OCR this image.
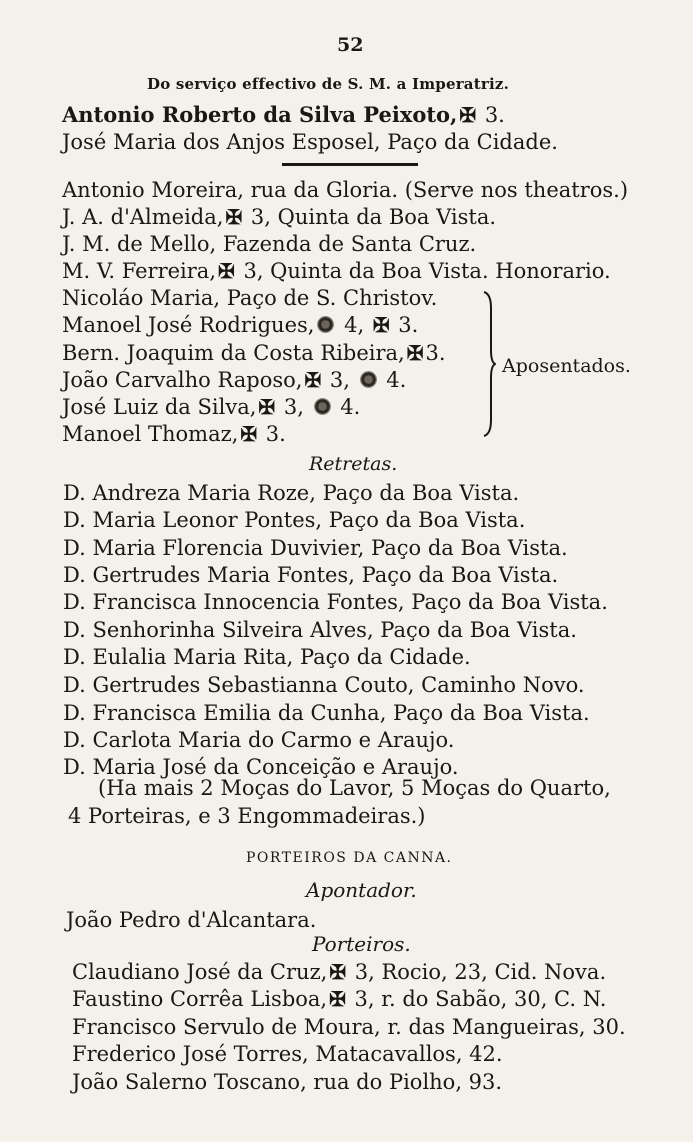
52
Do serviço effectivo de S. M. a Imperatriz.
Antonio Roberto da Silva Peixoto, ✠ 3.
José Maria dos Anjos Esposel, Paço da Cidade.
Antonio Moreira, rua da Gloria. (Serve nos theatros.)
J. A. d'Almeida, ✠ 3, Quinta da Boa Vista.
J. M. de Mello, Fazenda de Santa Cruz.
M. V. Ferreira, ✠ 3, Quinta da Boa Vista. Honorario.
Nicoláo Maria, Paço de S. Christov.
Manoel José Rodrigues, 4, ✠ 3.
Bern. Joaquim da Costa Ribeira, ✠3.
João Carvalho Raposo, ✠ 3,  4.
José Luiz da Silva, ✠ 3,  4.
Manoel Thomaz, ✠ 3.
Aposentados.
Retretas.
D. Andreza Maria Roze, Paço da Boa Vista.
D. Maria Leonor Pontes, Paço da Boa Vista.
D. Maria Florencia Duvivier, Paço da Boa Vista.
D. Gertrudes Maria Fontes, Paço da Boa Vista.
D. Francisca Innocencia Fontes, Paço da Boa Vista.
D. Senhorinha Silveira Alves, Paço da Boa Vista.
D. Eulalia Maria Rita, Paço da Cidade.
D. Gertrudes Sebastianna Couto, Caminho Novo.
D. Francisca Emilia da Cunha, Paço da Boa Vista.
D. Carlota Maria do Carmo e Araujo.
D. Maria José da Conceição e Araujo.
(Ha mais 2 Moças do Lavor, 5 Moças do Quarto,
4 Porteiras, e 3 Engommadeiras.)
PORTEIROS DA CANNA.
Apontador.
João Pedro d'Alcantara.
Porteiros.
Claudiano José da Cruz, ✠ 3, Rocio, 23, Cid. Nova.
Faustino Corrêa Lisboa, ✠ 3, r. do Sabão, 30, C. N.
Francisco Servulo de Moura, r. das Mangueiras, 30.
Frederico José Torres, Matacavallos, 42.
João Salerno Toscano, rua do Piolho, 93.
